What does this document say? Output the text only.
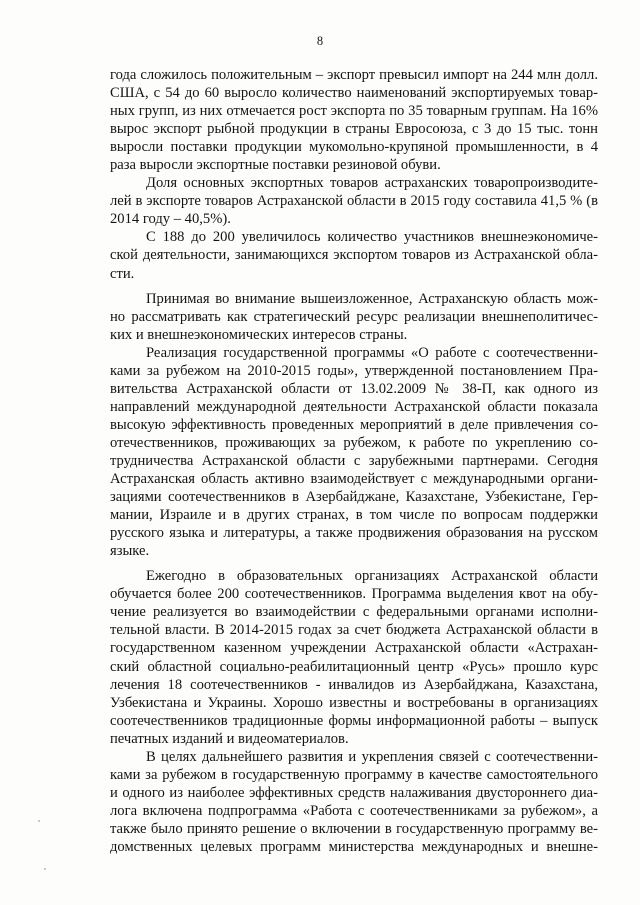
8
года сложилось положительным – экспорт превысил импорт на 244 млн долл.
США, с 54 до 60 выросло количество наименований экспортируемых товар-
ных групп, из них отмечается рост экспорта по 35 товарным группам. На 16%
вырос экспорт рыбной продукции в страны Евросоюза, с 3 до 15 тыс. тонн
выросли поставки продукции мукомольно-крупяной промышленности, в 4
раза выросли экспортные поставки резиновой обуви.
Доля основных экспортных товаров астраханских товаропроизводите-
лей в экспорте товаров Астраханской области в 2015 году составила 41,5 % (в
2014 году – 40,5%).
С 188 до 200 увеличилось количество участников внешнеэкономиче-
ской деятельности, занимающихся экспортом товаров из Астраханской обла-
сти.
Принимая во внимание вышеизложенное, Астраханскую область мож-
но рассматривать как стратегический ресурс реализации внешнеполитичес-
ких и внешнеэкономических интересов страны.
Реализация государственной программы «О работе с соотечественни-
ками за рубежом на 2010-2015 годы», утвержденной постановлением Пра-
вительства Астраханской области от 13.02.2009 № 38-П, как одного из
направлений международной деятельности Астраханской области показала
высокую эффективность проведенных мероприятий в деле привлечения со-
отечественников, проживающих за рубежом, к работе по укреплению со-
трудничества Астраханской области с зарубежными партнерами. Сегодня
Астраханская область активно взаимодействует с международными органи-
зациями соотечественников в Азербайджане, Казахстане, Узбекистане, Гер-
мании, Израиле и в других странах, в том числе по вопросам поддержки
русского языка и литературы, а также продвижения образования на русском
языке.
Ежегодно в образовательных организациях Астраханской области
обучается более 200 соотечественников. Программа выделения квот на обу-
чение реализуется во взаимодействии с федеральными органами исполни-
тельной власти. В 2014-2015 годах за счет бюджета Астраханской области в
государственном казенном учреждении Астраханской области «Астрахан-
ский областной социально-реабилитационный центр «Русь» прошло курс
лечения 18 соотечественников - инвалидов из Азербайджана, Казахстана,
Узбекистана и Украины. Хорошо известны и востребованы в организациях
соотечественников традиционные формы информационной работы – выпуск
печатных изданий и видеоматериалов.
В целях дальнейшего развития и укрепления связей с соотечественни-
ками за рубежом в государственную программу в качестве самостоятельного
и одного из наиболее эффективных средств налаживания двустороннего диа-
лога включена подпрограмма «Работа с соотечественниками за рубежом», а
также было принято решение о включении в государственную программу ве-
домственных целевых программ министерства международных и внешне-
